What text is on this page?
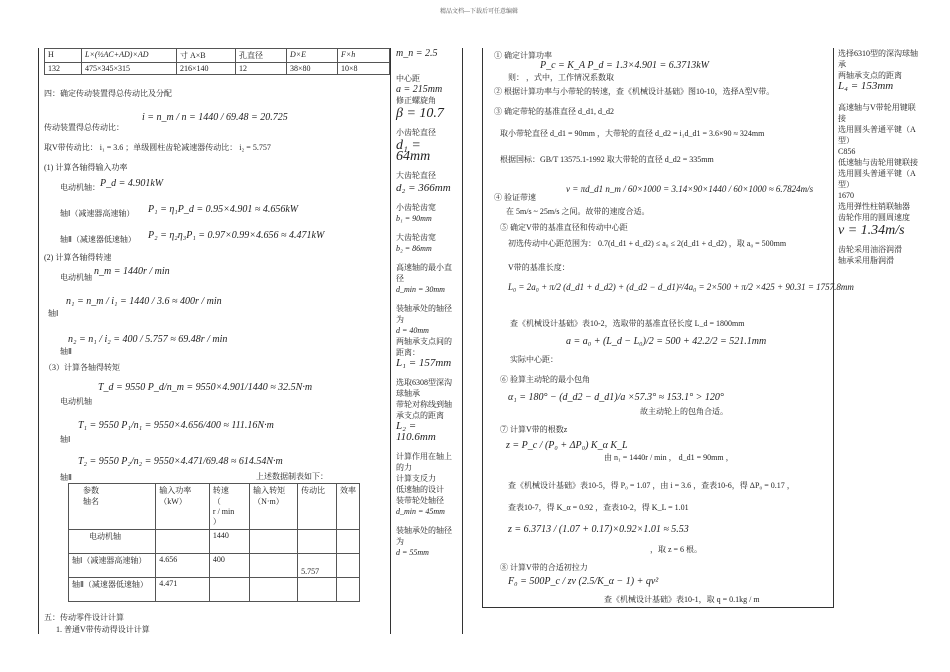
精品文档---下载后可任意编辑
H	L×(½AC+AD)×AD	寸 A×B	孔直径	D×E	F×h
132	475×345×315	216×140	12	38×80	10×8
四：确定传动装置得总传动比及分配
传动装置得总传动比：
i = n_m / n = 1440 / 69.48 = 20.725
取V带传动比： i₁ = 3.6 ；单级圆柱齿轮减速器传动比： i₂ = 5.757
(1) 计算各轴得输入功率
电动机轴： P_d = 4.901kW
轴Ⅰ（减速器高速轴） P₁ = η₁P_d = 0.95×4.901 ≈ 4.656kW
轴Ⅱ（减速器低速轴） P₂ = η₂η₃P₁ = 0.97×0.99×4.656 ≈ 4.471kW
(2) 计算各轴得转速
电动机轴
n_m = 1440r / min
轴Ⅰ
n₁ = n_m / i₁ = 1440 / 3.6 ≈ 400r / min
轴Ⅱ
n₂ = n₁ / i₂ = 400 / 5.757 ≈ 69.48r / min
（3）计算各轴得转矩
电动机轴
T_d = 9550 P_d/n_m = 9550×4.901/1440 ≈ 32.5N·m
轴Ⅰ
T₁ = 9550 P₁/n₁ = 9550×4.656/400 ≈ 111.16N·m
轴Ⅱ
T₂ = 9550 P₂/n₂ = 9550×4.471/69.48 ≈ 614.54N·m
上述数据制表如下：
参数
轴名	输入功率
（kW）	转速
（
r / min
）	输入转矩
（N·m）	传动比	效率
电动机轴		1440			
轴Ⅰ（减速器高速轴）	4.656	400		5.757	
轴Ⅱ（减速器低速轴）	4.471				
五：传动零件设计计算
1. 普通V带传动得设计计算
m_n = 2.5
中心距
a = 215mm
修正螺旋角
β = 10.7
小齿轮直径
d₁ = 64mm
大齿轮直径
d₂ = 366mm
小齿轮齿宽
b₁ = 90mm
大齿轮齿宽
b₂ = 86mm
高速轴的最小直径
d_min = 30mm
装轴承处的轴径为
d = 40mm
两轴承支点间的距离：
L₁ = 157mm
选取6308型深沟球轴承
带轮对称线到轴承支点的距离
L₂ = 110.6mm
计算作用在轴上的力
计算支反力
低速轴的设计
装带轮处轴径
d_min = 45mm
装轴承处的轴径为
d = 55mm
① 确定计算功率
P_c = K_A P_d = 1.3×4.901 = 6.3713kW
则： ，式中，工作情况系数取
② 根据计算功率与小带轮的转速，查《机械设计基础》图10-10，选择A型V带。
③ 确定带轮的基准直径 d_d1, d_d2
取小带轮直径 d_d1 = 90mm ，大带轮的直径 d_d2 = i₁d_d1 = 3.6×90 ≈ 324mm
根据国标：GB/T 13575.1-1992 取大带轮的直径 d_d2 = 335mm
④ 验证带速
v = πd_d1 n_m / 60×1000 = 3.14×90×1440 / 60×1000 ≈ 6.7824m/s
在 5m/s ~ 25m/s 之间。故带的速度合适。
⑤ 确定V带的基准直径和传动中心距
初选传动中心距范围为： 0.7(d_d1 + d_d2) ≤ a₀ ≤ 2(d_d1 + d_d2) ，取 a₀ = 500mm
V带的基准长度：
L₀ = 2a₀ + π/2 (d_d1 + d_d2) + (d_d2 − d_d1)²/4a₀ = 2×500 + π/2 ×425 + 90.31 = 1757.8mm
查《机械设计基础》表10-2，选取带的基准直径长度 L_d = 1800mm
实际中心距：
a = a₀ + (L_d − L₀)/2 = 500 + 42.2/2 = 521.1mm
⑥ 验算主动轮的最小包角
α₁ = 180° − (d_d2 − d_d1)/a ×57.3° ≈ 153.1° > 120°
故主动轮上的包角合适。
⑦ 计算V带的根数z
z = P_c / (P₀ + ΔP₀) K_α K_L
由 n₁ = 1440r / min ， d_d1 = 90mm ，
查《机械设计基础》表10-5，得 P₀ = 1.07 ，由 i = 3.6 ，查表10-6，得 ΔP₀ = 0.17 ，
查表10-7，得 K_α = 0.92 ，查表10-2，得 K_L = 1.01
z = 6.3713 / (1.07 + 0.17)×0.92×1.01 ≈ 5.53
，取 z = 6 根。
⑧ 计算V带的合适初拉力
F₀ = 500P_c / zv (2.5/K_α − 1) + qv²
查《机械设计基础》表10-1，取 q = 0.1kg / m
选择6310型的深沟球轴承
两轴承支点的距离
L₄ = 153mm
高速轴与V带轮用键联接
选用圆头普通平键（A型）
C856
低速轴与齿轮用键联接
选用圆头普通平键（A型）
1670
选用弹性柱销联轴器
齿轮作用的圆周速度
v = 1.34m/s
齿轮采用油浴润滑
轴承采用脂润滑
